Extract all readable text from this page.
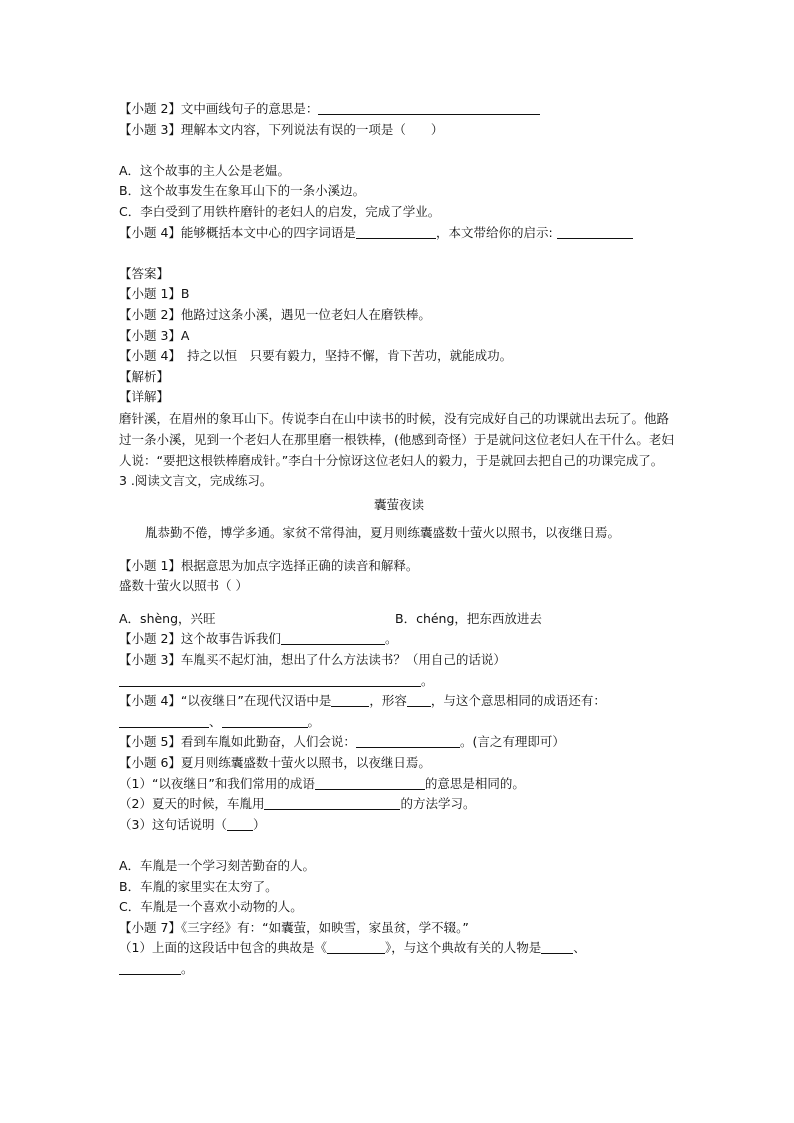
【小题 2】文中画线句子的意思是：
【小题 3】理解本文内容，下列说法有误的一项是（　　）
A．这个故事的主人公是老媪。
B．这个故事发生在象耳山下的一条小溪边。
C．李白受到了用铁杵磨针的老妇人的启发，完成了学业。
【小题 4】能够概括本文中心的四字词语是	，本文带给你的启示:
【答案】
【小题 1】B
【小题 2】他路过这条小溪，遇见一位老妇人在磨铁棒。
【小题 3】A
【小题 4】　持之以恒　只要有毅力，坚持不懈，肯下苦功，就能成功。
【解析】
【详解】
磨针溪，在眉州的象耳山下。传说李白在山中读书的时候，没有完成好自己的功课就出去玩了。他路过一条小溪，见到一个老妇人在那里磨一根铁棒，(他感到奇怪）于是就问这位老妇人在干什么。老妇人说：“要把这根铁棒磨成针。”李白十分惊讶这位老妇人的毅力，于是就回去把自己的功课完成了。
3 .阅读文言文，完成练习。
囊萤夜读
胤恭勤不倦，博学多通。家贫不常得油，夏月则练囊盛数十萤火以照书，以夜继日焉。
【小题 1】根据意思为加点字选择正确的读音和解释。
盛数十萤火以照书（ ）
A．shèng，兴旺	B．chéng，把东西放进去
【小题 2】这个故事告诉我们	。
【小题 3】车胤买不起灯油，想出了什么方法读书？（用自己的话说）
。
【小题 4】“以夜继日”在现代汉语中是	，形容 ，与这个意思相同的成语还有：
、	。
【小题 5】看到车胤如此勤奋，人们会说：	。(言之有理即可）
【小题 6】夏月则练囊盛数十萤火以照书，以夜继日焉。
（1）“以夜继日”和我们常用的成语	的意思是相同的。
（2）夏天的时候，车胤用	的方法学习。
（3）这句话说明（ ）
A．车胤是一个学习刻苦勤奋的人。
B．车胤的家里实在太穷了。
C．车胤是一个喜欢小动物的人。
【小题 7】《三字经》有：“如囊萤，如映雪，家虽贫，学不辍。”
（1）上面的这段话中包含的典故是《	》，与这个典故有关的人物是	、
。
